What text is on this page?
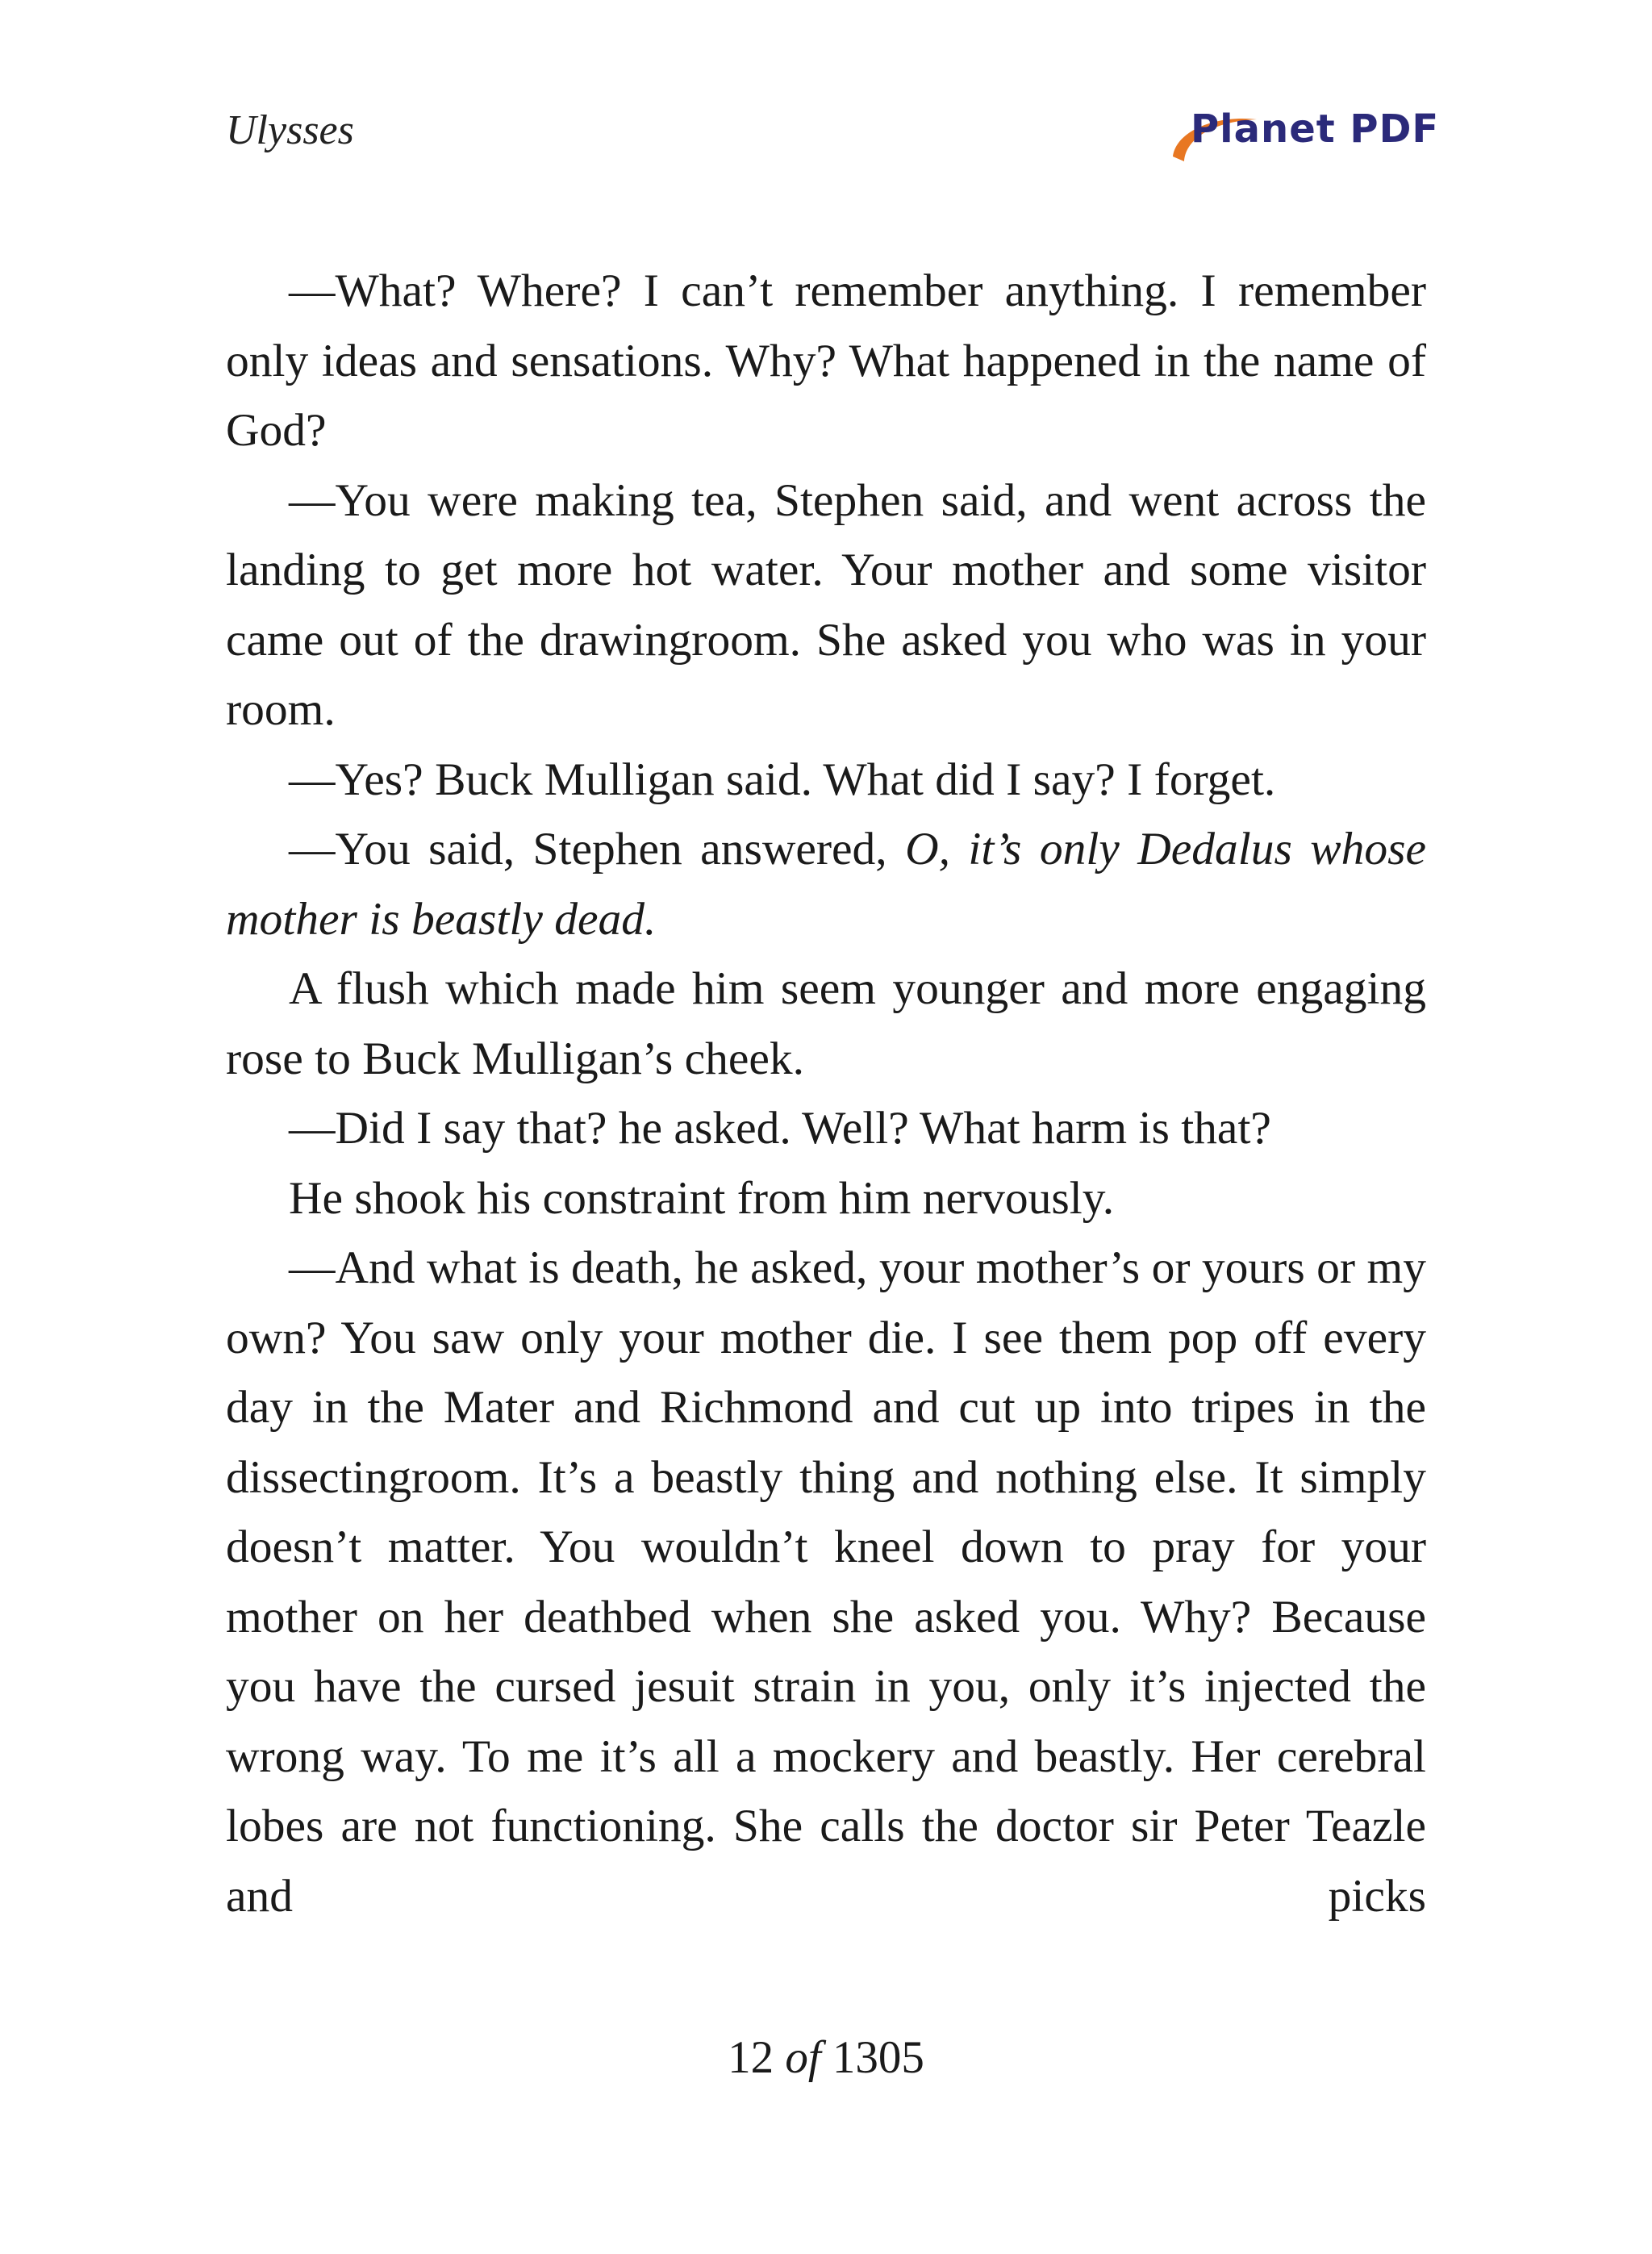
Ulysses	Planet PDF

—What? Where? I can’t remember anything. I remember only ideas and sensations. Why? What happened in the name of God?

—You were making tea, Stephen said, and went across the landing to get more hot water. Your mother and some visitor came out of the drawingroom. She asked you who was in your room.

—Yes? Buck Mulligan said. What did I say? I forget.

—You said, Stephen answered, O, it’s only Dedalus whose mother is beastly dead.

A flush which made him seem younger and more engaging rose to Buck Mulligan’s cheek.

—Did I say that? he asked. Well? What harm is that?

He shook his constraint from him nervously.

—And what is death, he asked, your mother’s or yours or my own? You saw only your mother die. I see them pop off every day in the Mater and Richmond and cut up into tripes in the dissectingroom. It’s a beastly thing and nothing else. It simply doesn’t matter. You wouldn’t kneel down to pray for your mother on her deathbed when she asked you. Why? Because you have the cursed jesuit strain in you, only it’s injected the wrong way. To me it’s all a mockery and beastly. Her cerebral lobes are not functioning. She calls the doctor sir Peter Teazle and picks

12 of 1305
